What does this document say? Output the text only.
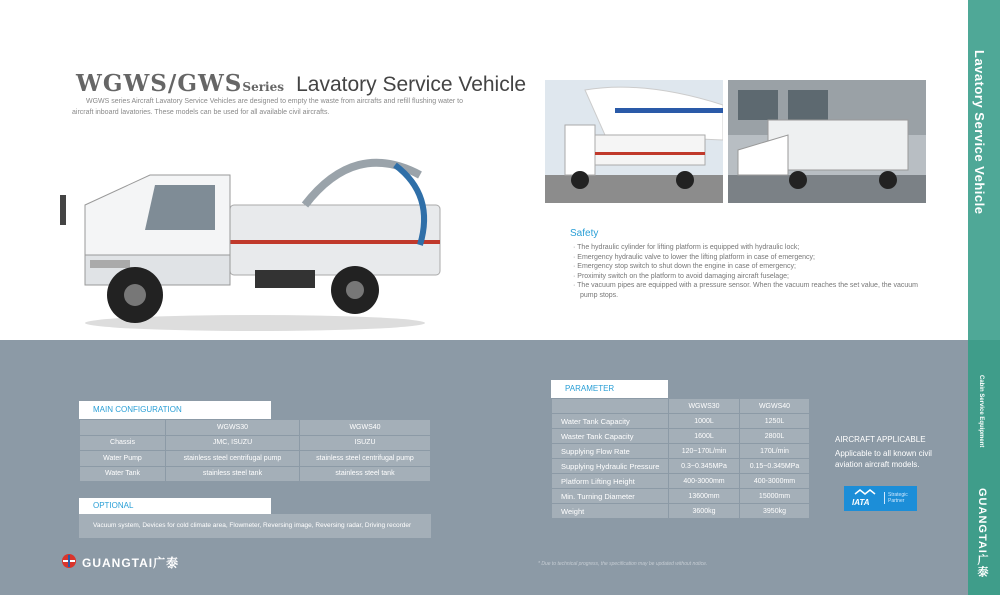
WGWS/GWSSeries Lavatory Service Vehicle
WGWS series Aircraft Lavatory Service Vehicles are designed to empty the waste from aircrafts and refill flushing water to aircraft inboard lavatories. These models can be used for all available civil aircrafts.
Safety
· The hydraulic cylinder for lifting platform is equipped with hydraulic lock;
· Emergency hydraulic valve to lower the lifting platform in case of emergency;
· Emergency stop switch to shut down the engine in case of emergency;
· Proximity switch on the platform to avoid damaging aircraft fuselage;
· The vacuum pipes are equipped with a pressure sensor. When the vacuum reaches the set value, the vacuum pump stops.
Lavatory Service Vehicle
Cabin Service Equipment
GUANGTAI广泰
MAIN CONFIGURATION
	WGWS30	WGWS40
Chassis	JMC, ISUZU	ISUZU
Water Pump	stainless steel centrifugal pump	stainless steel centrifugal pump
Water Tank	stainless steel tank	stainless steel tank
OPTIONAL
Vacuum system, Devices for cold climate area, Flowmeter, Reversing image, Reversing radar, Driving recorder
PARAMETER
	WGWS30	WGWS40
Water Tank Capacity	1000L	1250L
Waster Tank Capacity	1600L	2800L
Supplying Flow Rate	120~170L/min	170L/min
Supplying Hydraulic Pressure	0.3~0.345MPa	0.15~0.345MPa
Platform Lifting Height	400-3000mm	400-3000mm
Min. Turning Diameter	13600mm	15000mm
Weight	3600kg	3950kg
AIRCRAFT APPLICABLE
Applicable to all known civil aviation aircraft models.
IATA
Strategic Partner
* Due to technical progress, the specification may be updated without notice.
GUANGTAI广泰
